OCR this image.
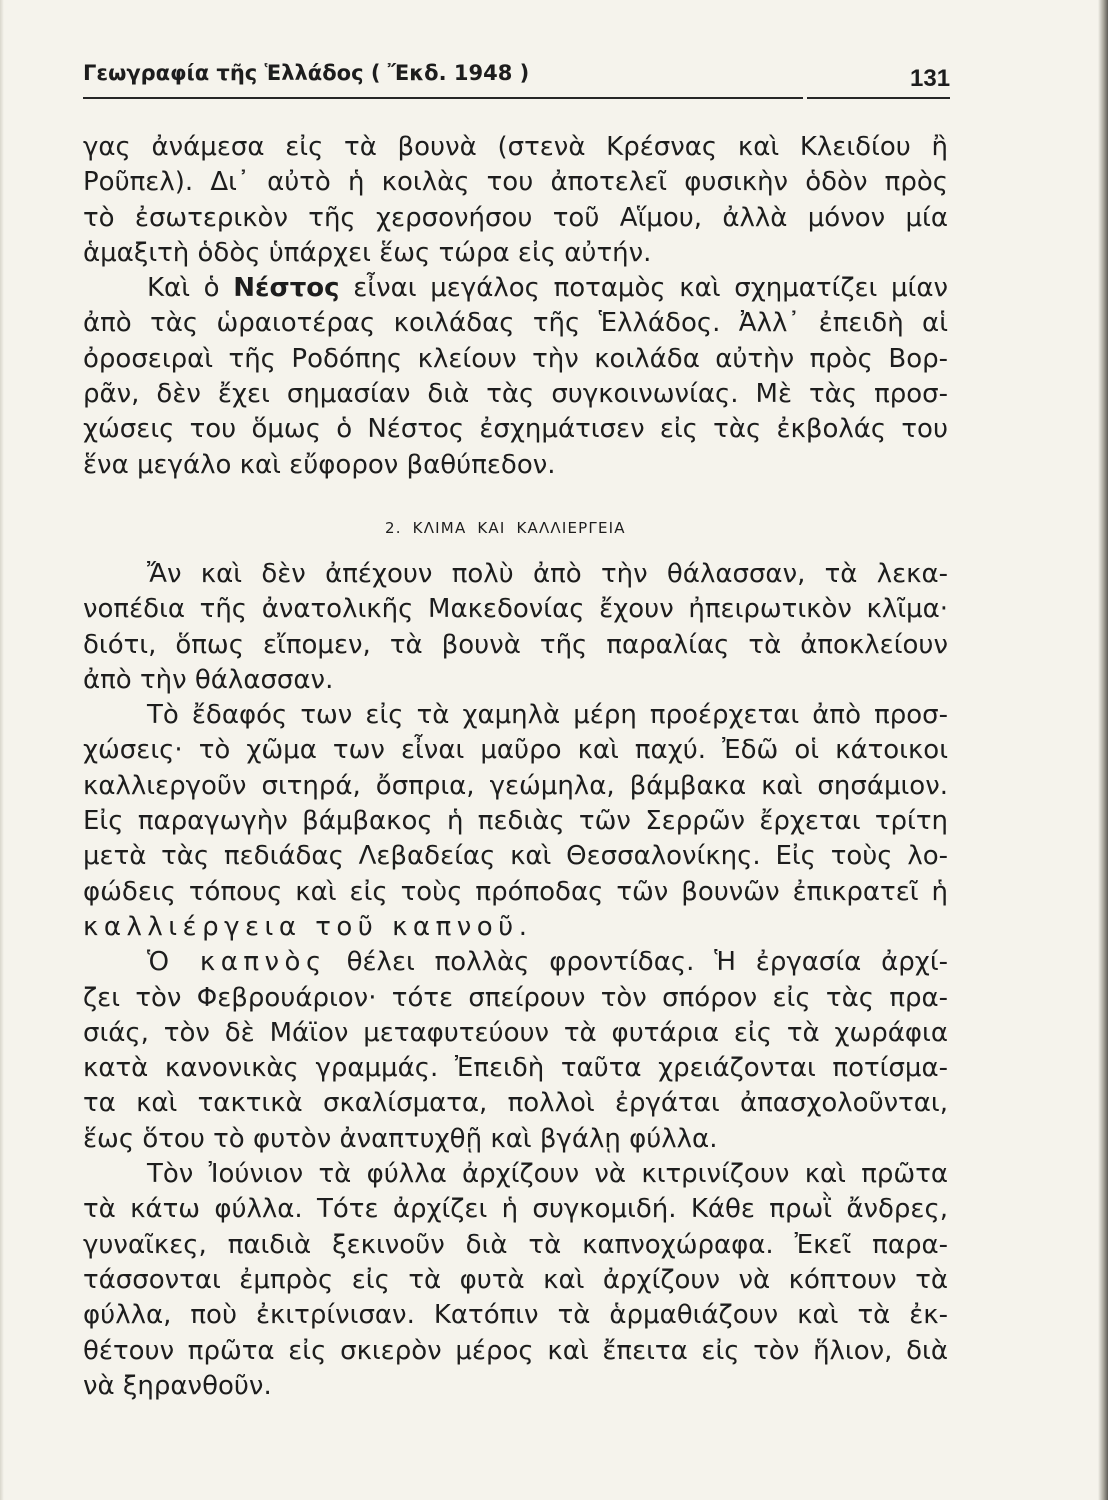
Γεωγραφία τῆς Ἑλλάδος ( Ἔκδ. 1948 )	131
γας ἀνάμεσα εἰς τὰ βουνὰ (στενὰ Κρέσνας καὶ Κλειδίου ἢ
Ροῦπελ). Δι᾽ αὐτὸ ἡ κοιλὰς του ἀποτελεῖ φυσικὴν ὁδὸν πρὸς
τὸ ἐσωτερικὸν τῆς χερσονήσου τοῦ Αἵμου, ἀλλὰ μόνον μία
ἁμαξιτὴ ὁδὸς ὑπάρχει ἕως τώρα εἰς αὐτήν.
Καὶ ὁ Νέστος εἶναι μεγάλος ποταμὸς καὶ σχηματίζει μίαν
ἀπὸ τὰς ὡραιοτέρας κοιλάδας τῆς Ἑλλάδος. Ἀλλ᾽ ἐπειδὴ αἱ
ὀροσειραὶ τῆς Ροδόπης κλείουν τὴν κοιλάδα αὐτὴν πρὸς Βορ-
ρᾶν, δὲν ἔχει σημασίαν διὰ τὰς συγκοινωνίας. Μὲ τὰς προσ-
χώσεις του ὅμως ὁ Νέστος ἐσχημάτισεν εἰς τὰς ἐκβολάς του
ἕνα μεγάλο καὶ εὔφορον βαθύπεδον.
2. ΚΛΙΜΑ ΚΑΙ ΚΑΛΛΙΕΡΓΕΙΑ
Ἄν καὶ δὲν ἀπέχουν πολὺ ἀπὸ τὴν θάλασσαν, τὰ λεκα-
νοπέδια τῆς ἀνατολικῆς Μακεδονίας ἔχουν ἠπειρωτικὸν κλῖμα·
διότι, ὅπως εἴπομεν, τὰ βουνὰ τῆς παραλίας τὰ ἀποκλείουν
ἀπὸ τὴν θάλασσαν.
Τὸ ἔδαφός των εἰς τὰ χαμηλὰ μέρη προέρχεται ἀπὸ προσ-
χώσεις· τὸ χῶμα των εἶναι μαῦρο καὶ παχύ. Ἐδῶ οἱ κάτοικοι
καλλιεργοῦν σιτηρά, ὄσπρια, γεώμηλα, βάμβακα καὶ σησάμιον.
Εἰς παραγωγὴν βάμβακος ἡ πεδιὰς τῶν Σερρῶν ἔρχεται τρίτη
μετὰ τὰς πεδιάδας Λεβαδείας καὶ Θεσσαλονίκης. Εἰς τοὺς λο-
φώδεις τόπους καὶ εἰς τοὺς πρόποδας τῶν βουνῶν ἐπικρατεῖ ἡ
καλλιέργεια τοῦ καπνοῦ.
Ὁ καπνὸς θέλει πολλὰς φροντίδας. Ἡ ἐργασία ἀρχί-
ζει τὸν Φεβρουάριον· τότε σπείρουν τὸν σπόρον εἰς τὰς πρα-
σιάς, τὸν δὲ Μάϊον μεταφυτεύουν τὰ φυτάρια εἰς τὰ χωράφια
κατὰ κανονικὰς γραμμάς. Ἐπειδὴ ταῦτα χρειάζονται ποτίσμα-
τα καὶ τακτικὰ σκαλίσματα, πολλοὶ ἐργάται ἀπασχολοῦνται,
ἕως ὅτου τὸ φυτὸν ἀναπτυχθῇ καὶ βγάλῃ φύλλα.
Τὸν Ἰούνιον τὰ φύλλα ἀρχίζουν νὰ κιτρινίζουν καὶ πρῶτα
τὰ κάτω φύλλα. Τότε ἀρχίζει ἡ συγκομιδή. Κάθε πρωῒ ἄνδρες,
γυναῖκες, παιδιὰ ξεκινοῦν διὰ τὰ καπνοχώραφα. Ἐκεῖ παρα-
τάσσονται ἐμπρὸς εἰς τὰ φυτὰ καὶ ἀρχίζουν νὰ κόπτουν τὰ
φύλλα, ποὺ ἐκιτρίνισαν. Κατόπιν τὰ ἁρμαθιάζουν καὶ τὰ ἐκ-
θέτουν πρῶτα εἰς σκιερὸν μέρος καὶ ἔπειτα εἰς τὸν ἥλιον, διὰ
νὰ ξηρανθοῦν.
